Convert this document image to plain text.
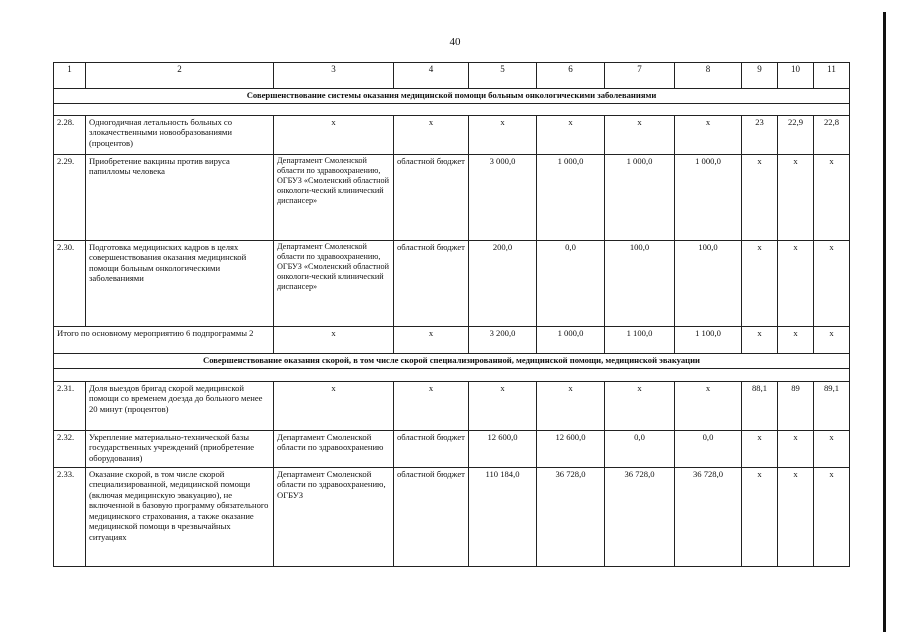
40
1	2	3	4	5	6	7	8	9	10	11
Совершенствование системы оказания медицинской помощи больным онкологическими заболеваниями										

2.28.	Одногодичная летальность больных со злокачественными новообразованиями (процентов)	х	х	х	х	х	х	23	22,9	22,8
2.29.	Приобретение вакцины против вируса папилломы человека	Департамент Смоленской области по здравоохранению, ОГБУЗ «Смоленский областной онкологи-ческий клинический диспансер»	областной бюджет	3 000,0	1 000,0	1 000,0	1 000,0	х	х	х
2.30.	Подготовка медицинских кадров в целях совершенствования оказания медицинской помощи больным онкологическими заболеваниями	Департамент Смоленской области по здравоохранению, ОГБУЗ «Смоленский областной онкологи-ческий клинический диспансер»	областной бюджет	200,0	0,0	100,0	100,0	х	х	х
Итого по основному мероприятию 6 подпрограммы 2		х	х	3 200,0	1 000,0	1 100,0	1 100,0	х	х	х
Совершенствование оказания скорой, в том числе скорой специализированной, медицинской помощи, медицинской эвакуации										

2.31.	Доля выездов бригад скорой медицинской помощи со временем доезда до больного менее 20 минут (процентов)	х	х	х	х	х	х	88,1	89	89,1
2.32.	Укрепление материально-технической базы государственных учреждений (приобретение оборудования)	Департамент Смоленской области по здравоохранению	областной бюджет	12 600,0	12 600,0	0,0	0,0	х	х	х
2.33.	Оказание скорой, в том числе скорой специализированной, медицинской помощи (включая медицинскую эвакуацию), не включенной в базовую программу обязательного медицинского страхования, а также оказание медицинской помощи в чрезвычайных ситуациях	Департамент Смоленской области по здравоохранению, ОГБУЗ	областной бюджет	110 184,0	36 728,0	36 728,0	36 728,0	х	х	х
